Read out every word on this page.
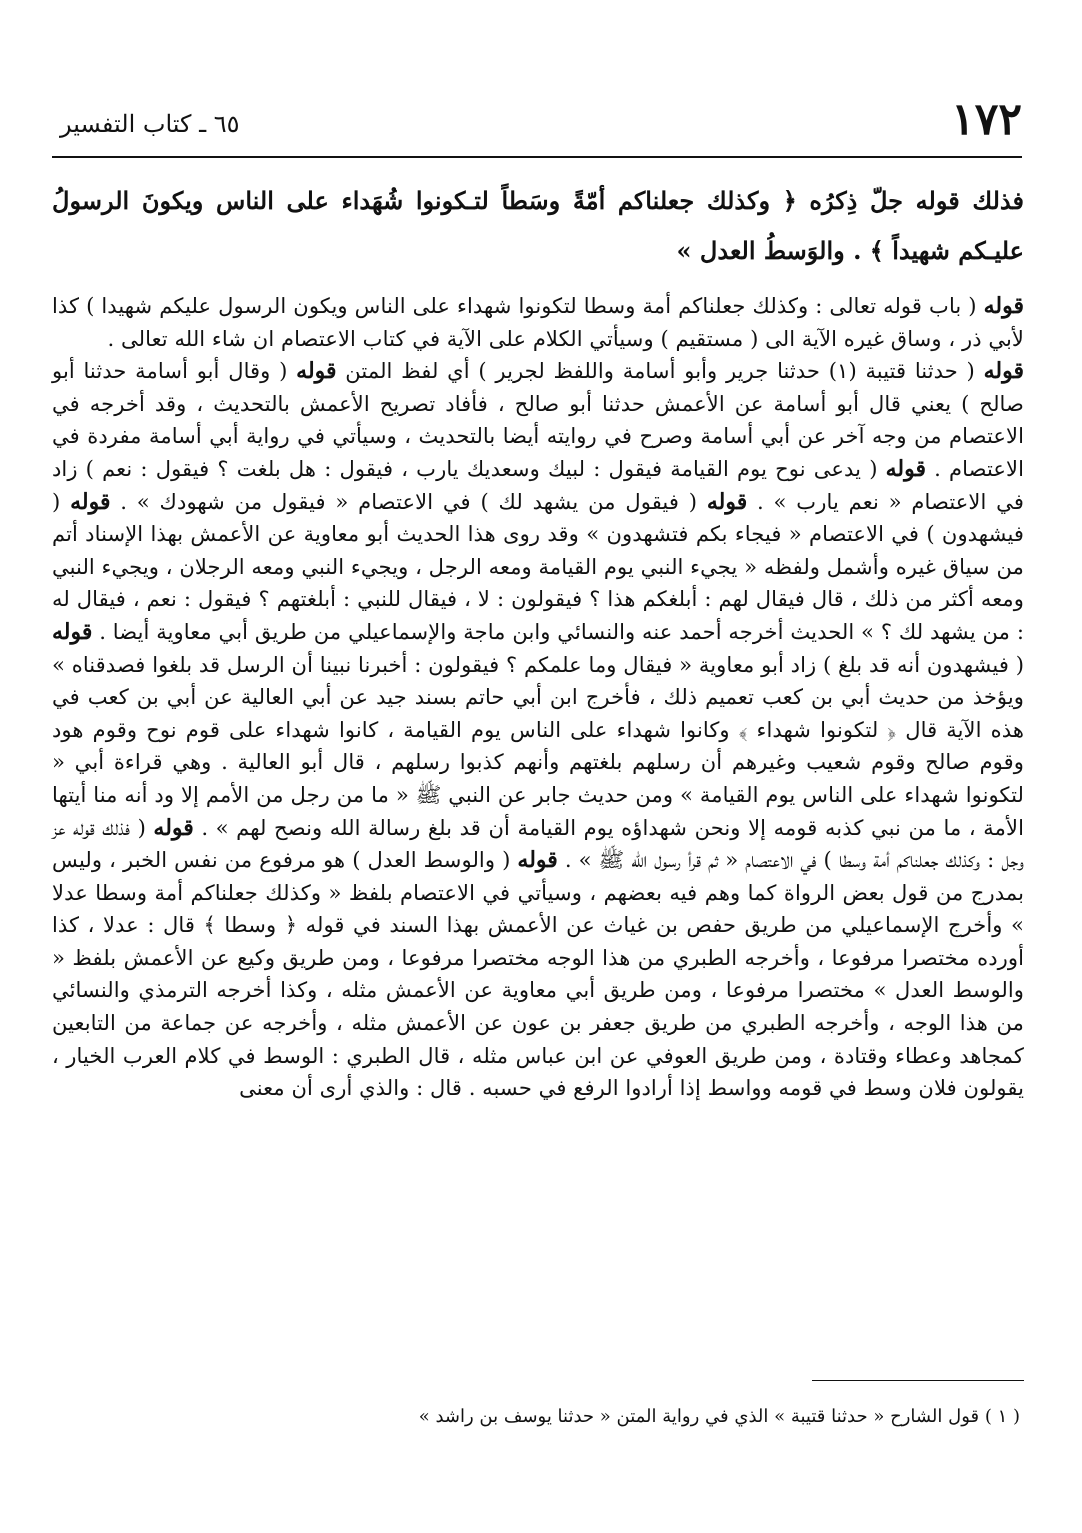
١٧٢
٦٥ ـ كتاب التفسير

فذلك قوله جلّ ذِكرُه ﴿ وكذلك جعلناكم أمّةً وسَطاً لتـكونوا شُهَداء على الناس ويكونَ الرسولُ عليـكم شهيداً ﴾ . والوَسطُ العدل »

قوله ( باب قوله تعالى : وكذلك جعلناكم أمة وسطا لتكونوا شهداء على الناس ويكون الرسول عليكم شهيدا ) كذا لأبي ذر ، وساق غيره الآية الى ( مستقيم ) وسيأتي الكلام على الآية في كتاب الاعتصام ان شاء الله تعالى .

قوله ( حدثنا قتيبة (١) حدثنا جرير وأبو أسامة واللفظ لجرير ) أي لفظ المتن قوله ( وقال أبو أسامة حدثنا أبو صالح ) يعني قال أبو أسامة عن الأعمش حدثنا أبو صالح ، فأفاد تصريح الأعمش بالتحديث ، وقد أخرجه في الاعتصام من وجه آخر عن أبي أسامة وصرح في روايته أيضا بالتحديث ، وسيأتي في رواية أبي أسامة مفردة في الاعتصام . قوله ( يدعى نوح يوم القيامة فيقول : لبيك وسعديك يارب ، فيقول : هل بلغت ؟ فيقول : نعم ) زاد في الاعتصام « نعم يارب » . قوله ( فيقول من يشهد لك ) في الاعتصام « فيقول من شهودك » . قوله ( فيشهدون ) في الاعتصام « فيجاء بكم فتشهدون » وقد روى هذا الحديث أبو معاوية عن الأعمش بهذا الإسناد أتم من سياق غيره وأشمل ولفظه « يجيء النبي يوم القيامة ومعه الرجل ، ويجيء النبي ومعه الرجلان ، ويجيء النبي ومعه أكثر من ذلك ، قال فيقال لهم : أبلغكم هذا ؟ فيقولون : لا ، فيقال للنبي : أبلغتهم ؟ فيقول : نعم ، فيقال له : من يشهد لك ؟ » الحديث أخرجه أحمد عنه والنسائي وابن ماجة والإسماعيلي من طريق أبي معاوية أيضا . قوله ( فيشهدون أنه قد بلغ ) زاد أبو معاوية « فيقال وما علمكم ؟ فيقولون : أخبرنا نبينا أن الرسل قد بلغوا فصدقناه » ويؤخذ من حديث أبي بن كعب تعميم ذلك ، فأخرج ابن أبي حاتم بسند جيد عن أبي العالية عن أبي بن كعب في هذه الآية قال ﴿ لتكونوا شهداء ﴾ وكانوا شهداء على الناس يوم القيامة ، كانوا شهداء على قوم نوح وقوم هود وقوم صالح وقوم شعيب وغيرهم أن رسلهم بلغتهم وأنهم كذبوا رسلهم ، قال أبو العالية . وهي قراءة أبي « لتكونوا شهداء على الناس يوم القيامة » ومن حديث جابر عن النبي ﷺ « ما من رجل من الأمم إلا ود أنه منا أيتها الأمة ، ما من نبي كذبه قومه إلا ونحن شهداؤه يوم القيامة أن قد بلغ رسالة الله ونصح لهم » . قوله ( فذلك قوله عز وجل : وكذلك جعلناكم أمة وسطا ) في الاعتصام « ثم قرأ رسول الله ﷺ » . قوله ( والوسط العدل ) هو مرفوع من نفس الخبر ، وليس بمدرج من قول بعض الرواة كما وهم فيه بعضهم ، وسيأتي في الاعتصام بلفظ « وكذلك جعلناكم أمة وسطا عدلا » وأخرج الإسماعيلي من طريق حفص بن غياث عن الأعمش بهذا السند في قوله ﴿ وسطا ﴾ قال : عدلا ، كذا أورده مختصرا مرفوعا ، وأخرجه الطبري من هذا الوجه مختصرا مرفوعا ، ومن طريق وكيع عن الأعمش بلفظ « والوسط العدل » مختصرا مرفوعا ، ومن طريق أبي معاوية عن الأعمش مثله ، وكذا أخرجه الترمذي والنسائي من هذا الوجه ، وأخرجه الطبري من طريق جعفر بن عون عن الأعمش مثله ، وأخرجه عن جماعة من التابعين كمجاهد وعطاء وقتادة ، ومن طريق العوفي عن ابن عباس مثله ، قال الطبري : الوسط في كلام العرب الخيار ، يقولون فلان وسط في قومه وواسط إذا أرادوا الرفع في حسبه . قال : والذي أرى أن معنى

( ١ ) قول الشارح « حدثنا قتيبة » الذي في رواية المتن « حدثنا يوسف بن راشد »
